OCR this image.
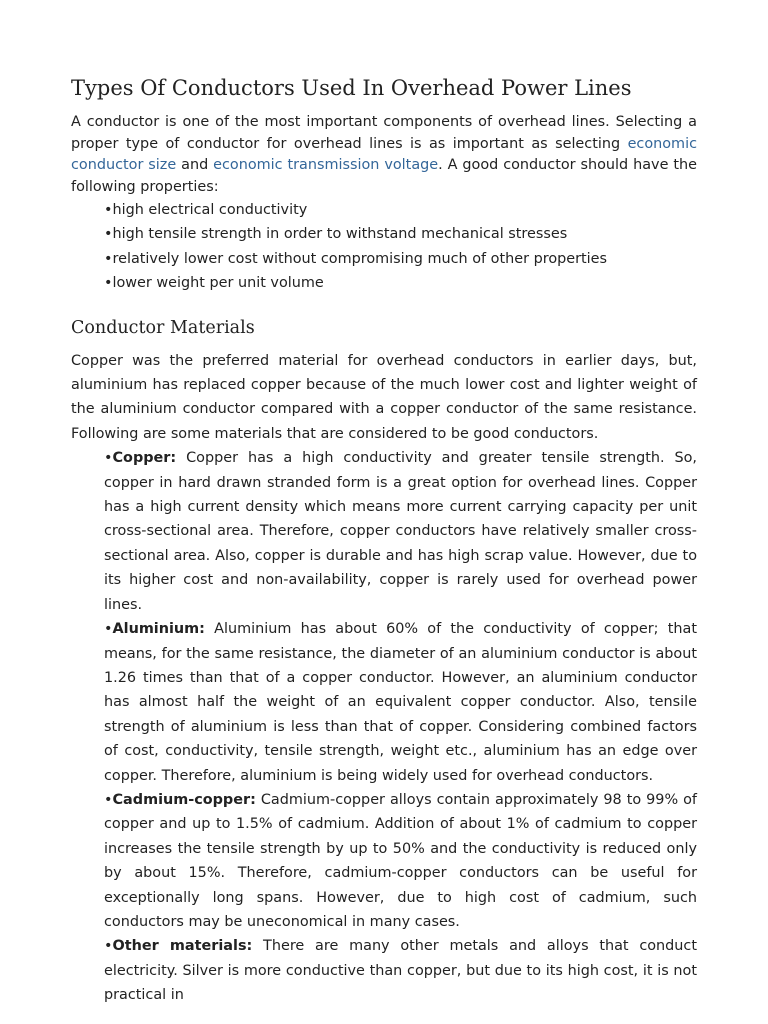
Types Of Conductors Used In Overhead Power Lines

A conductor is one of the most important components of overhead lines. Selecting a proper type of conductor for overhead lines is as important as selecting economic conductor size and economic transmission voltage. A good conductor should have the following properties:

•high electrical conductivity
•high tensile strength in order to withstand mechanical stresses
•relatively lower cost without compromising much of other properties
•lower weight per unit volume
Conductor Materials

Copper was the preferred material for overhead conductors in earlier days, but, aluminium has replaced copper because of the much lower cost and lighter weight of the aluminium conductor compared with a copper conductor of the same resistance. Following are some materials that are considered to be good conductors.

•Copper: Copper has a high conductivity and greater tensile strength. So, copper in hard drawn stranded form is a great option for overhead lines. Copper has a high current density which means more current carrying capacity per unit cross-sectional area. Therefore, copper conductors have relatively smaller cross-sectional area. Also, copper is durable and has high scrap value. However, due to its higher cost and non-availability, copper is rarely used for overhead power lines.
•Aluminium: Aluminium has about 60% of the conductivity of copper; that means, for the same resistance, the diameter of an aluminium conductor is about 1.26 times than that of a copper conductor. However, an aluminium conductor has almost half the weight of an equivalent copper conductor. Also, tensile strength of aluminium is less than that of copper. Considering combined factors of cost, conductivity, tensile strength, weight etc., aluminium has an edge over copper. Therefore, aluminium is being widely used for overhead conductors.
•Cadmium-copper: Cadmium-copper alloys contain approximately 98 to 99% of copper and up to 1.5% of cadmium. Addition of about 1% of cadmium to copper increases the tensile strength by up to 50% and the conductivity is reduced only by about 15%. Therefore, cadmium-copper conductors can be useful for exceptionally long spans. However, due to high cost of cadmium, such conductors may be uneconomical in many cases.
•Other materials: There are many other metals and alloys that conduct electricity. Silver is more conductive than copper, but due to its high cost, it is not practical in
